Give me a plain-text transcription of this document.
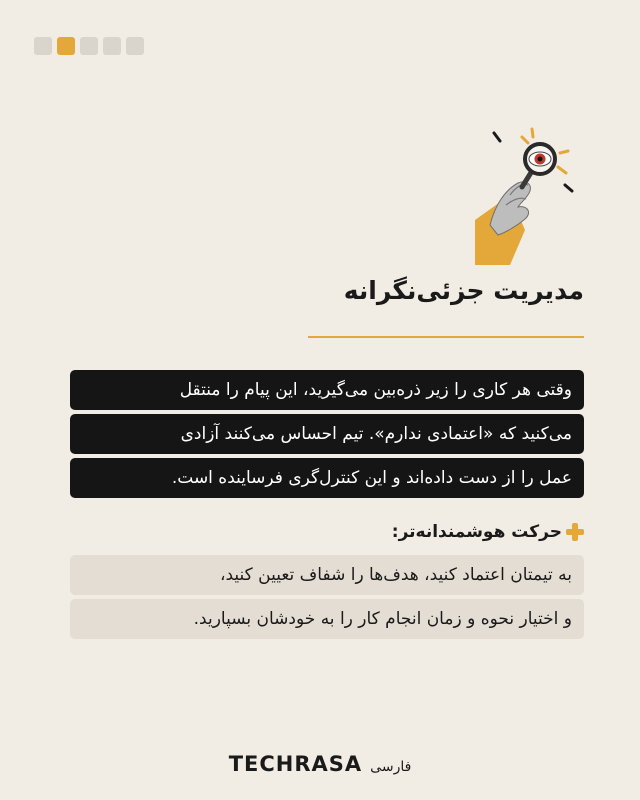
مدیریت جزئی‌نگرانه
وقتی هر کاری را زیر ذره‌بین می‌گیرید، این پیام را منتقل
می‌کنید که «اعتمادی ندارم». تیم احساس می‌کنند آزادی
عمل را از دست داده‌اند و این کنترل‌گری فرساینده است.
حرکت هوشمندانه‌تر:
به تیمتان اعتماد کنید، هدف‌ها را شفاف تعیین کنید،
و اختیار نحوه و زمان انجام کار را به خودشان بسپارید.
TECHRASA فارسی
